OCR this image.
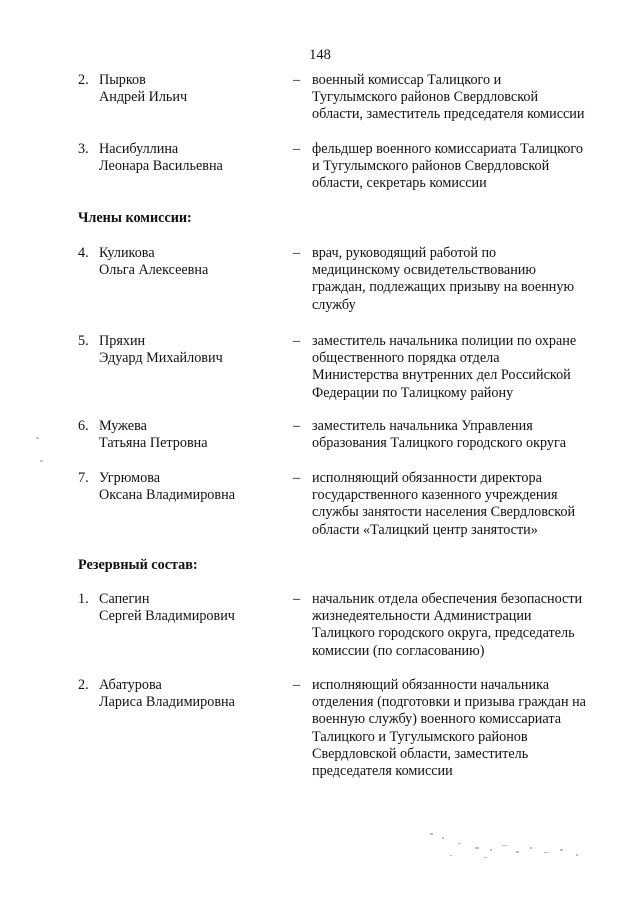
148
2. Пырков
Андрей Ильич
– военный комиссар Талицкого и
Тугулымского районов Свердловской
области, заместитель председателя комиссии
3. Насибуллина
Леонара Васильевна
– фельдшер военного комиссариата Талицкого
и Тугулымского районов Свердловской
области, секретарь комиссии
Члены комиссии:
4. Куликова
Ольга Алексеевна
– врач, руководящий работой по
медицинскому освидетельствованию
граждан, подлежащих призыву на военную
службу
5. Пряхин
Эдуард Михайлович
– заместитель начальника полиции по охране
общественного порядка отдела
Министерства внутренних дел Российской
Федерации по Талицкому району
6. Мужева
Татьяна Петровна
– заместитель начальника Управления
образования Талицкого городского округа
7. Угрюмова
Оксана Владимировна
– исполняющий обязанности директора
государственного казенного учреждения
службы занятости населения Свердловской
области «Талицкий центр занятости»
Резервный состав:
1. Сапегин
Сергей Владимирович
– начальник отдела обеспечения безопасности
жизнедеятельности Администрации
Талицкого городского округа, председатель
комиссии (по согласованию)
2. Абатурова
Лариса Владимировна
– исполняющий обязанности начальника
отделения (подготовки и призыва граждан на
военную службу) военного комиссариата
Талицкого и Тугулымского районов
Свердловской области, заместитель
председателя комиссии
